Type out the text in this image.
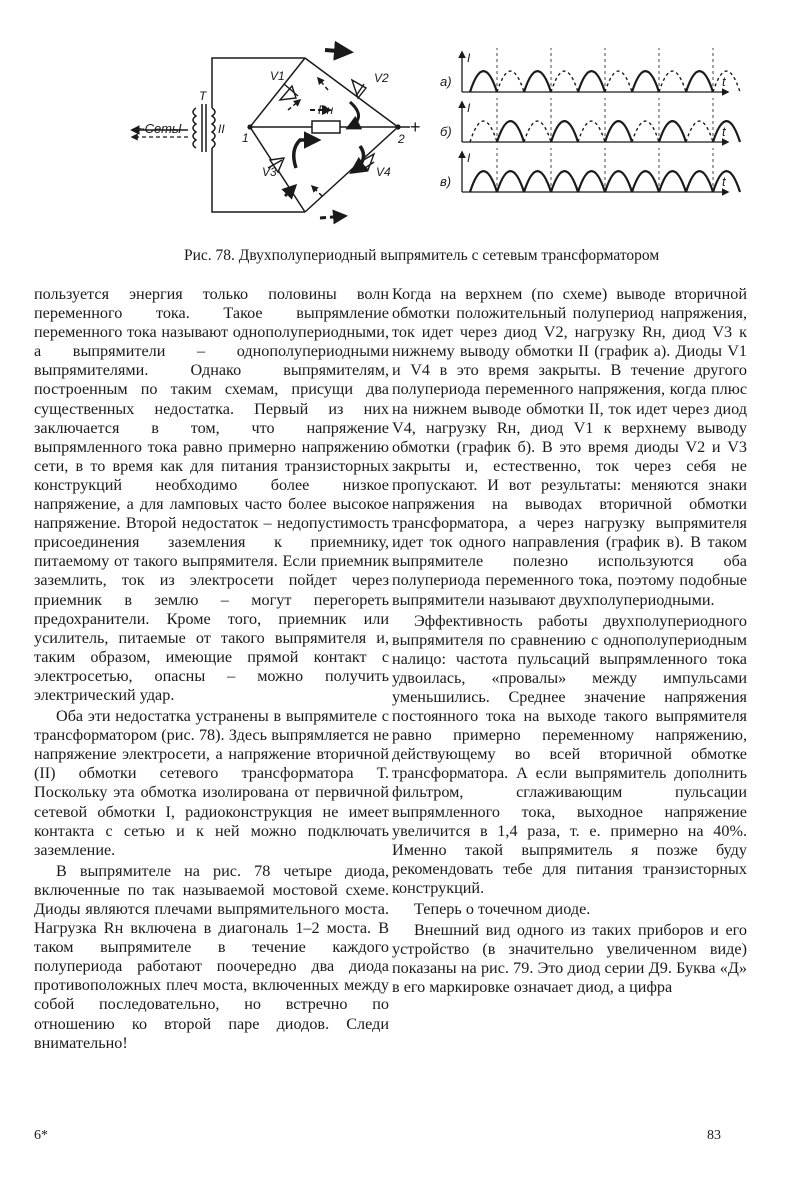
~Сеть I
T
II
V1	V2
V3	V4
Rн
1	2
+
а)
I
t
б)
I
t
в)
I
t
Рис. 78. Двухполупериодный выпрямитель с сетевым трансформатором

пользуется энергия только половины волн переменного тока. Такое выпрямление переменного тока называют однополупериодными, а выпрямители – однополупериодными выпрямителями. Однако выпрямителям, построенным по таким схемам, присущи два существенных недостатка. Первый из них заключается в том, что напряжение выпрямленного тока равно примерно напряжению сети, в то время как для питания транзисторных конструкций необходимо более низкое напряжение, а для ламповых часто более высокое напряжение. Второй недостаток – недопустимость присоединения заземления к приемнику, питаемому от такого выпрямителя. Если приемник заземлить, ток из электросети пойдет через приемник в землю – могут перегореть предохранители. Кроме того, приемник или усилитель, питаемые от такого выпрямителя и, таким образом, имеющие прямой контакт с электросетью, опасны – можно получить электрический удар.

Оба эти недостатка устранены в выпрямителе с трансформатором (рис. 78). Здесь выпрямляется не напряжение электросети, а напряжение вторичной (II) обмотки сетевого трансформатора Т. Поскольку эта обмотка изолирована от первичной сетевой обмотки I, радиоконструкция не имеет контакта с сетью и к ней можно подключать заземление.

В выпрямителе на рис. 78 четыре диода, включенные по так называемой мостовой схеме. Диоды являются плечами выпрямительного моста. Нагрузка Rн включена в диагональ 1–2 моста. В таком выпрямителе в течение каждого полупериода работают поочередно два диода противоположных плеч моста, включенных между собой последовательно, но встречно по отношению ко второй паре диодов. Следи внимательно!

Когда на верхнем (по схеме) выводе вторичной обмотки положительный полупериод напряжения, ток идет через диод V2, нагрузку Rн, диод V3 к нижнему выводу обмотки II (график а). Диоды V1 и V4 в это время закрыты. В течение другого полупериода переменного напряжения, когда плюс на нижнем выводе обмотки II, ток идет через диод V4, нагрузку Rн, диод V1 к верхнему выводу обмотки (график б). В это время диоды V2 и V3 закрыты и, естественно, ток через себя не пропускают. И вот результаты: меняются знаки напряжения на выводах вторичной обмотки трансформатора, а через нагрузку выпрямителя идет ток одного направления (график в). В таком выпрямителе полезно используются оба полупериода переменного тока, поэтому подобные выпрямители называют двухполупериодными.

Эффективность работы двухполупериодного выпрямителя по сравнению с однополупериодным налицо: частота пульсаций выпрямленного тока удвоилась, «провалы» между импульсами уменьшились. Среднее значение напряжения постоянного тока на выходе такого выпрямителя равно примерно переменному напряжению, действующему во всей вторичной обмотке трансформатора. А если выпрямитель дополнить фильтром, сглаживающим пульсации выпрямленного тока, выходное напряжение увеличится в 1,4 раза, т. е. примерно на 40%. Именно такой выпрямитель я позже буду рекомендовать тебе для питания транзисторных конструкций.

Теперь о точечном диоде.

Внешний вид одного из таких приборов и его устройство (в значительно увеличенном виде) показаны на рис. 79. Это диод серии Д9. Буква «Д» в его маркировке означает диод, а цифра

6*	83
